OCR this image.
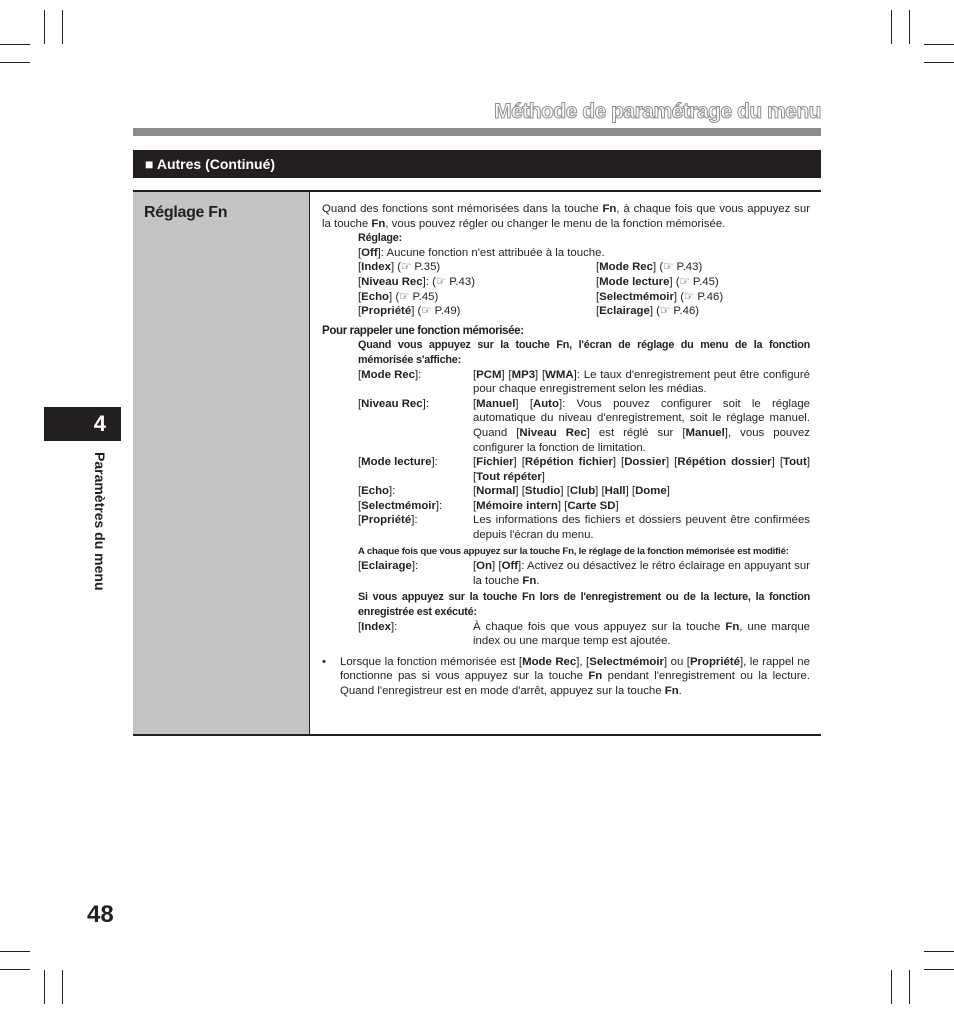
Méthode de paramétrage du menu
■ Autres (Continué)
Réglage Fn	Quand des fonctions sont mémorisées dans la touche Fn, à chaque fois que vous appuyez sur la touche Fn, vous pouvez régler ou changer le menu de la fonction mémorisée.

Réglage:
[Off]: Aucune fonction n'est attribuée à la touche.
[Index] (☞ P.35)	[Mode Rec] (☞ P.43)
[Niveau Rec]: (☞ P.43)	[Mode lecture] (☞ P.45)
[Echo] (☞ P.45)	[Selectmémoir] (☞ P.46)
[Propriété] (☞ P.49)	[Eclairage] (☞ P.46)
Pour rappeler une fonction mémorisée:
Quand vous appuyez sur la touche Fn, l'écran de réglage du menu de la fonction mémorisée s'affiche:
[Mode Rec]:	[PCM] [MP3] [WMA]: Le taux d'enregistrement peut être configuré pour chaque enregistrement selon les médias.
[Niveau Rec]:	[Manuel] [Auto]: Vous pouvez configurer soit le réglage automatique du niveau d'enregistrement, soit le réglage manuel. Quand [Niveau Rec] est réglé sur [Manuel], vous pouvez configurer la fonction de limitation.
[Mode lecture]:	[Fichier] [Répétion fichier] [Dossier] [Répétion dossier] [Tout] [Tout répéter]
[Echo]:	[Normal] [Studio] [Club] [Hall] [Dome]
[Selectmémoir]:	[Mémoire intern] [Carte SD]
[Propriété]:	Les informations des fichiers et dossiers peuvent être confirmées depuis l'écran du menu.
A chaque fois que vous appuyez sur la touche Fn, le réglage de la fonction mémorisée est modifié:
[Eclairage]:	[On] [Off]: Activez ou désactivez le rétro éclairage en appuyant sur la touche Fn.
Si vous appuyez sur la touche Fn lors de l'enregistrement ou de la lecture, la fonction enregistrée est exécuté:
[Index]:	À chaque fois que vous appuyez sur la touche Fn, une marque index ou une marque temp est ajoutée.
•	Lorsque la fonction mémorisée est [Mode Rec], [Selectmémoir] ou [Propriété], le rappel ne fonctionne pas si vous appuyez sur la touche Fn pendant l'enregistrement ou la lecture. Quand l'enregistreur est en mode d'arrêt, appuyez sur la touche Fn.
4
Paramètres du menu
48
